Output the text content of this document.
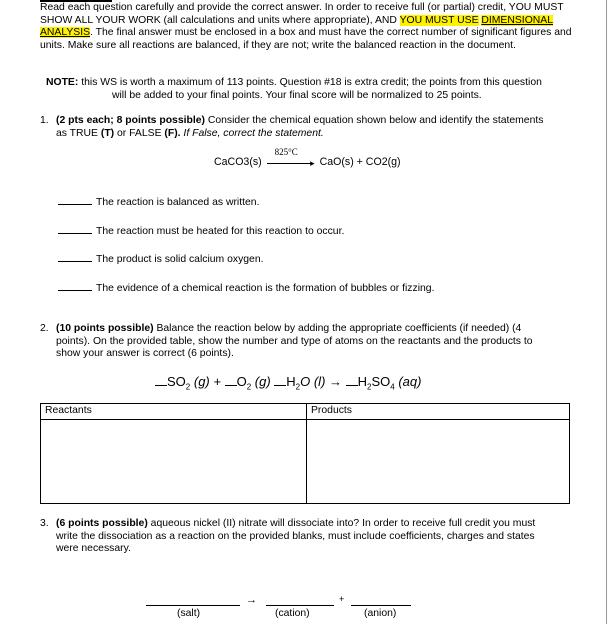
Read each question carefully and provide the correct answer. In order to receive full (or partial) credit, YOU MUST SHOW ALL YOUR WORK (all calculations and units where appropriate), AND YOU MUST USE DIMENSIONAL ANALYSIS. The final answer must be enclosed in a box and must have the correct number of significant figures and units. Make sure all reactions are balanced, if they are not; write the balanced reaction in the document.
NOTE: this WS is worth a maximum of 113 points. Question #18 is extra credit; the points from this question
will be added to your final points. Your final score will be normalized to 25 points.
1. (2 pts each; 8 points possible) Consider the chemical equation shown below and identify the statements
as TRUE (T) or FALSE (F). If False, correct the statement.
CaCO3(s)
825°C
▸ CaO(s) + CO2(g)
The reaction is balanced as written.
The reaction must be heated for this reaction to occur.
The product is solid calcium oxygen.
The evidence of a chemical reaction is the formation of bubbles or fizzing.
2. (10 points possible) Balance the reaction below by adding the appropriate coefficients (if needed) (4
points). On the provided table, show the number and type of atoms on the reactants and the products to
show your answer is correct (6 points).
$SO_2$ $(g) + O_2$ (g) $H_2O$ $(l) \to H_2SO_4$ (aq)
Reactants	Products
3. (6 points possible) aqueous nickel (II) nitrate will dissociate into? In order to receive full credit you must
write the dissociation as a reaction on the provided blanks, must include coefficients, charges and states
were necessary.
→	+
(salt)	(cation)	(anion)
